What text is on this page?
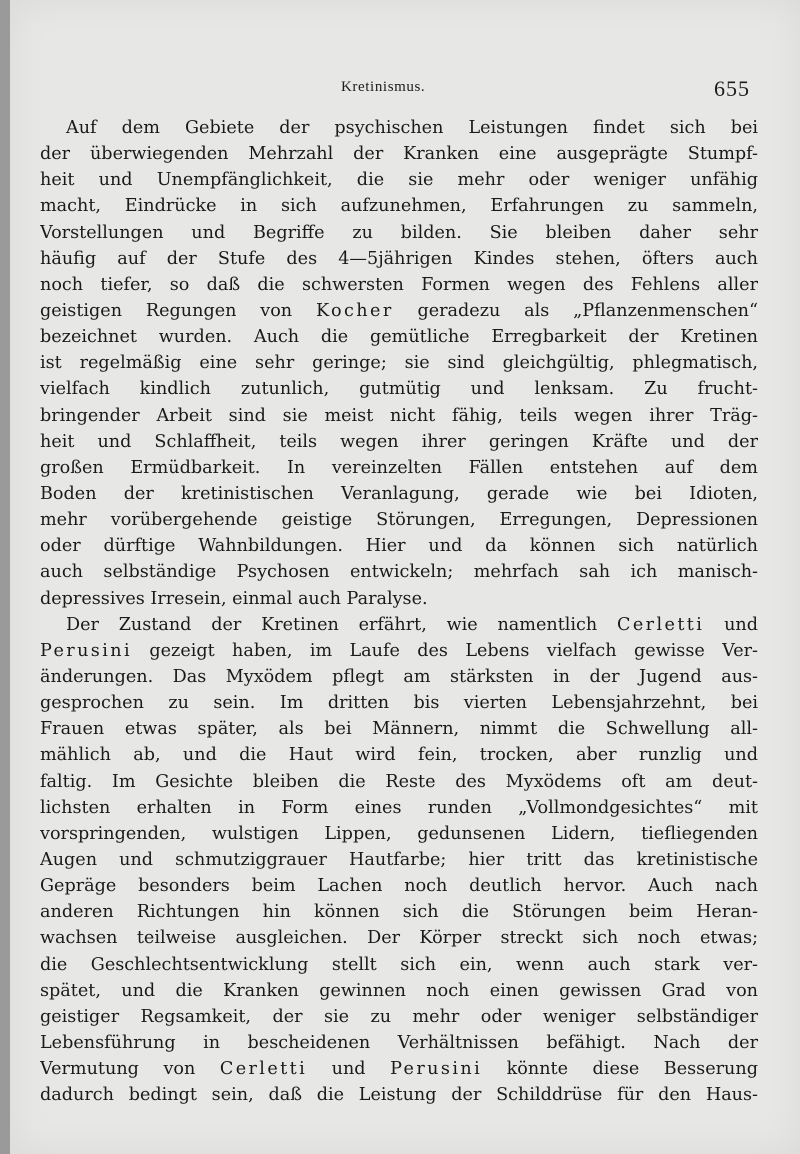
Kretinismus.	655
Auf dem Gebiete der psychischen Leistungen findet sich bei
der überwiegenden Mehrzahl der Kranken eine ausgeprägte Stumpf-
heit und Unempfänglichkeit, die sie mehr oder weniger unfähig
macht, Eindrücke in sich aufzunehmen, Erfahrungen zu sammeln,
Vorstellungen und Begriffe zu bilden. Sie bleiben daher sehr
häufig auf der Stufe des 4—5jährigen Kindes stehen, öfters auch
noch tiefer, so daß die schwersten Formen wegen des Fehlens aller
geistigen Regungen von Kocher geradezu als „Pflanzenmenschen“
bezeichnet wurden. Auch die gemütliche Erregbarkeit der Kretinen
ist regelmäßig eine sehr geringe; sie sind gleichgültig, phlegmatisch,
vielfach kindlich zutunlich, gutmütig und lenksam. Zu frucht-
bringender Arbeit sind sie meist nicht fähig, teils wegen ihrer Träg-
heit und Schlaffheit, teils wegen ihrer geringen Kräfte und der
großen Ermüdbarkeit. In vereinzelten Fällen entstehen auf dem
Boden der kretinistischen Veranlagung, gerade wie bei Idioten,
mehr vorübergehende geistige Störungen, Erregungen, Depressionen
oder dürftige Wahnbildungen. Hier und da können sich natürlich
auch selbständige Psychosen entwickeln; mehrfach sah ich manisch-
depressives Irresein, einmal auch Paralyse.
Der Zustand der Kretinen erfährt, wie namentlich Cerletti und
Perusini gezeigt haben, im Laufe des Lebens vielfach gewisse Ver-
änderungen. Das Myxödem pflegt am stärksten in der Jugend aus-
gesprochen zu sein. Im dritten bis vierten Lebensjahrzehnt, bei
Frauen etwas später, als bei Männern, nimmt die Schwellung all-
mählich ab, und die Haut wird fein, trocken, aber runzlig und
faltig. Im Gesichte bleiben die Reste des Myxödems oft am deut-
lichsten erhalten in Form eines runden „Vollmondgesichtes“ mit
vorspringenden, wulstigen Lippen, gedunsenen Lidern, tiefliegenden
Augen und schmutziggrauer Hautfarbe; hier tritt das kretinistische
Gepräge besonders beim Lachen noch deutlich hervor. Auch nach
anderen Richtungen hin können sich die Störungen beim Heran-
wachsen teilweise ausgleichen. Der Körper streckt sich noch etwas;
die Geschlechtsentwicklung stellt sich ein, wenn auch stark ver-
spätet, und die Kranken gewinnen noch einen gewissen Grad von
geistiger Regsamkeit, der sie zu mehr oder weniger selbständiger
Lebensführung in bescheidenen Verhältnissen befähigt. Nach der
Vermutung von Cerletti und Perusini könnte diese Besserung
dadurch bedingt sein, daß die Leistung der Schilddrüse für den Haus-
